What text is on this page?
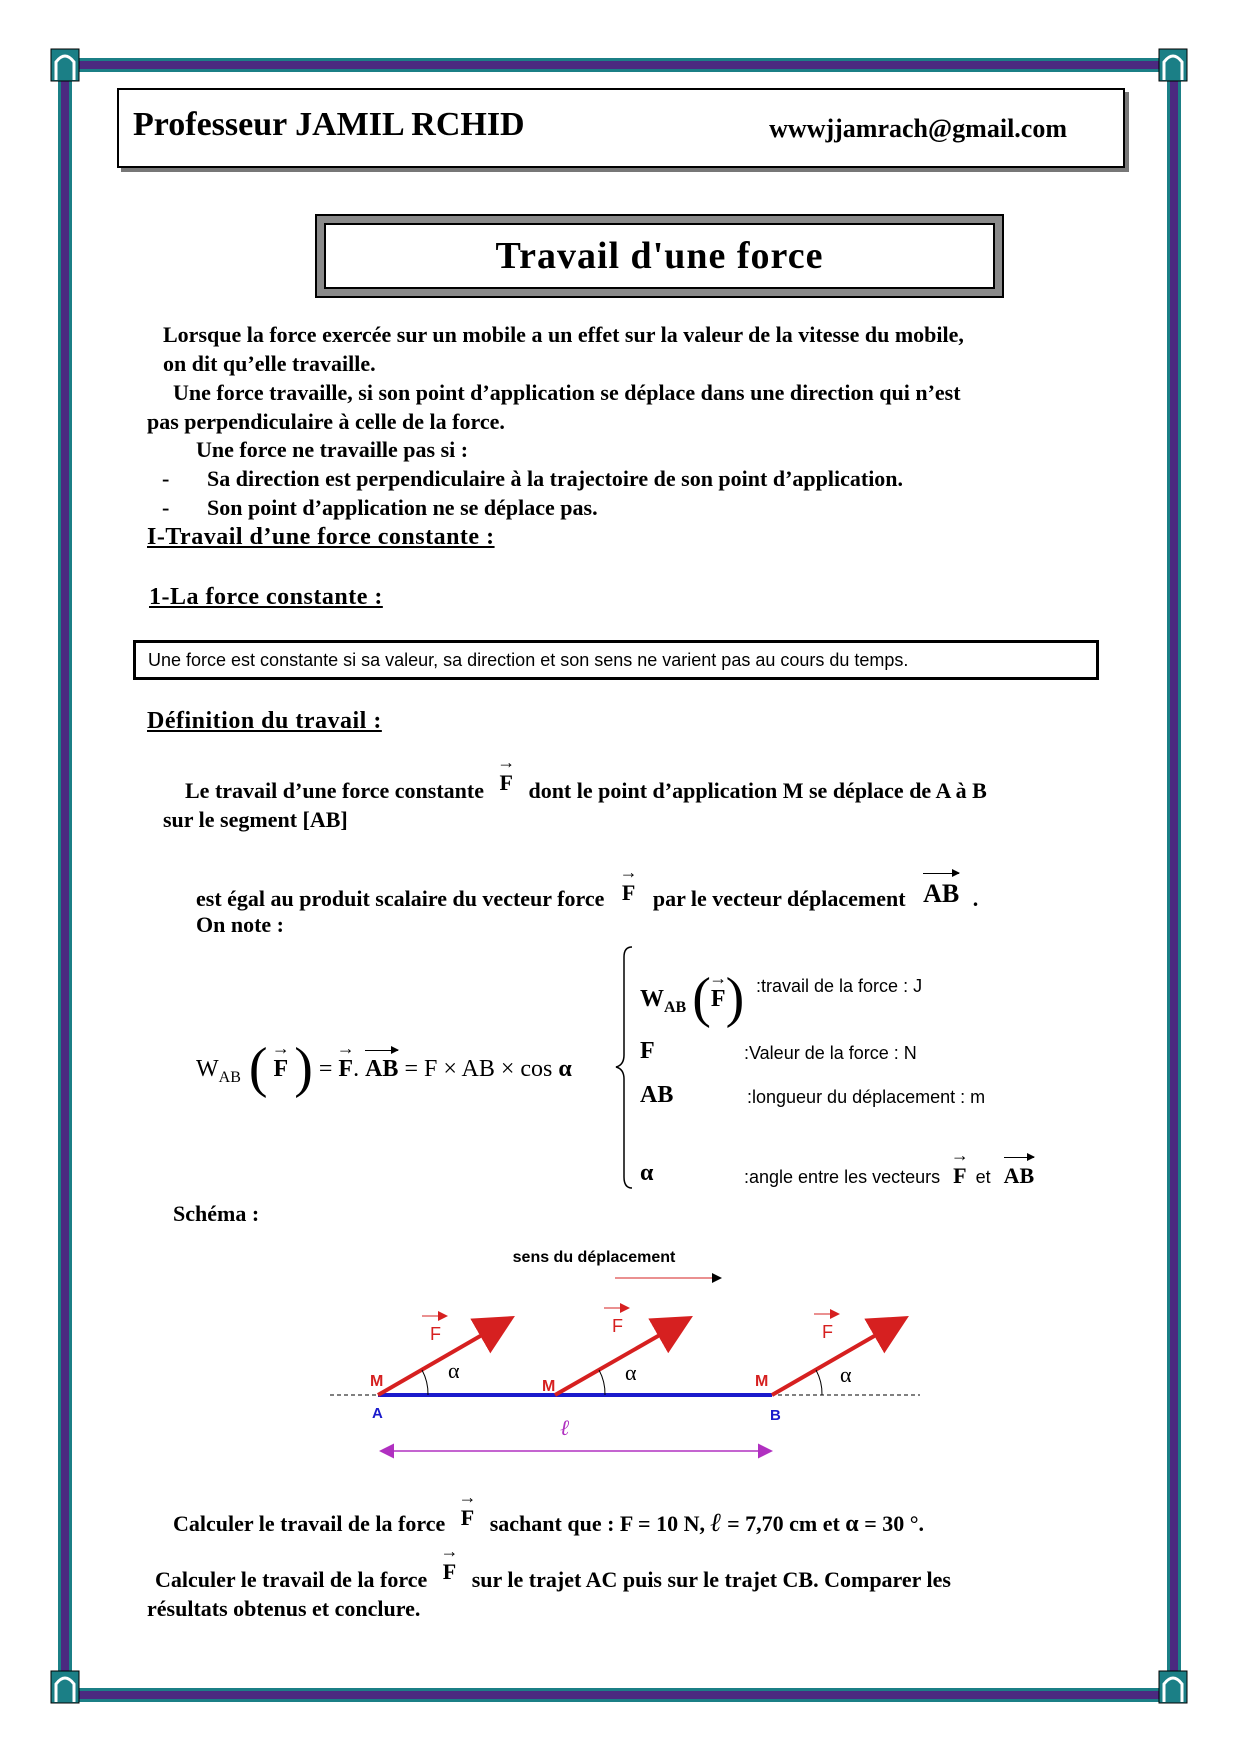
Professeur JAMIL RCHID	wwwjjamrach@gmail.com
Travail d'une force
Lorsque la force exercée sur un mobile a un effet sur la valeur de la vitesse du mobile,
on dit qu’elle travaille.
Une force travaille, si son point d’application se déplace dans une direction qui n’est
pas perpendiculaire à celle de la force.
Une force ne travaille pas si :
- Sa direction est perpendiculaire à la trajectoire de son point d’application.
- Son point d’application ne se déplace pas.
I-Travail d’une force constante :
1-La force constante :
Une force est constante si sa valeur, sa direction et son sens ne varient pas au cours du temps.
Définition du travail :
Le travail d’une force constante → F dont le point d’application M se déplace de A à B
sur le segment [AB]
est égal au produit scalaire du vecteur force → F par le vecteur déplacement AB .
On note :
$W_{AB}$ ( → F ) = → F. AB = F × AB × cos α
$W_{AB}$ (→ F) :travail de la force : J
F	:Valeur de la force : N
AB	:longueur du déplacement : m
α	:angle entre les vecteurs → F et AB
Schéma :
sens du déplacement
α	α	α
F	F	F
M	M	M
A	B
ℓ
Calculer le travail de la force → F sachant que : F = 10 N, ℓ = 7,70 cm et α = 30 °.
Calculer le travail de la force → F sur le trajet AC puis sur le trajet CB. Comparer les
résultats obtenus et conclure.
